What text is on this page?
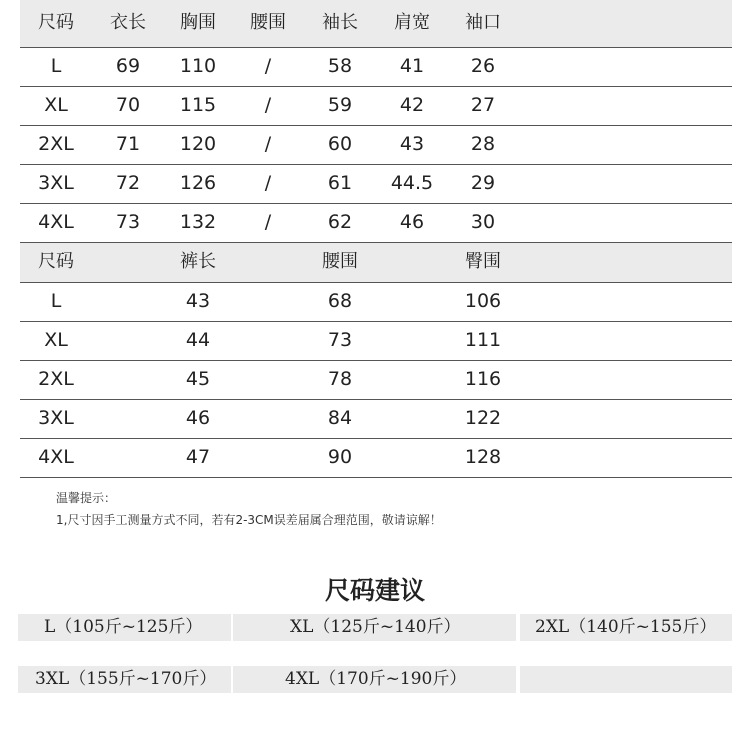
尺码 衣长 胸围 腰围 袖长 肩宽 袖口
L	69 110	/	58	41 26
XL	70 115	/	59	42 27
2XL 71 120	/	60	43 28
3XL 72 126	/	61 44.5 29
4XL 73 132	/	62	46 30
尺码	裤长	腰围	臀围
L	43	68	106
XL	44	73	111
2XL	45	78	116
3XL	46	84	122
4XL	47	90	128
温馨提示：
1,尺寸因手工测量方式不同，若有2-3CM误差届属合理范围，敬请谅解！
尺码建议
L（105斤~125斤）	XL（125斤~140斤）	2XL（140斤~155斤）
3XL（155斤~170斤）	4XL（170斤~190斤）
